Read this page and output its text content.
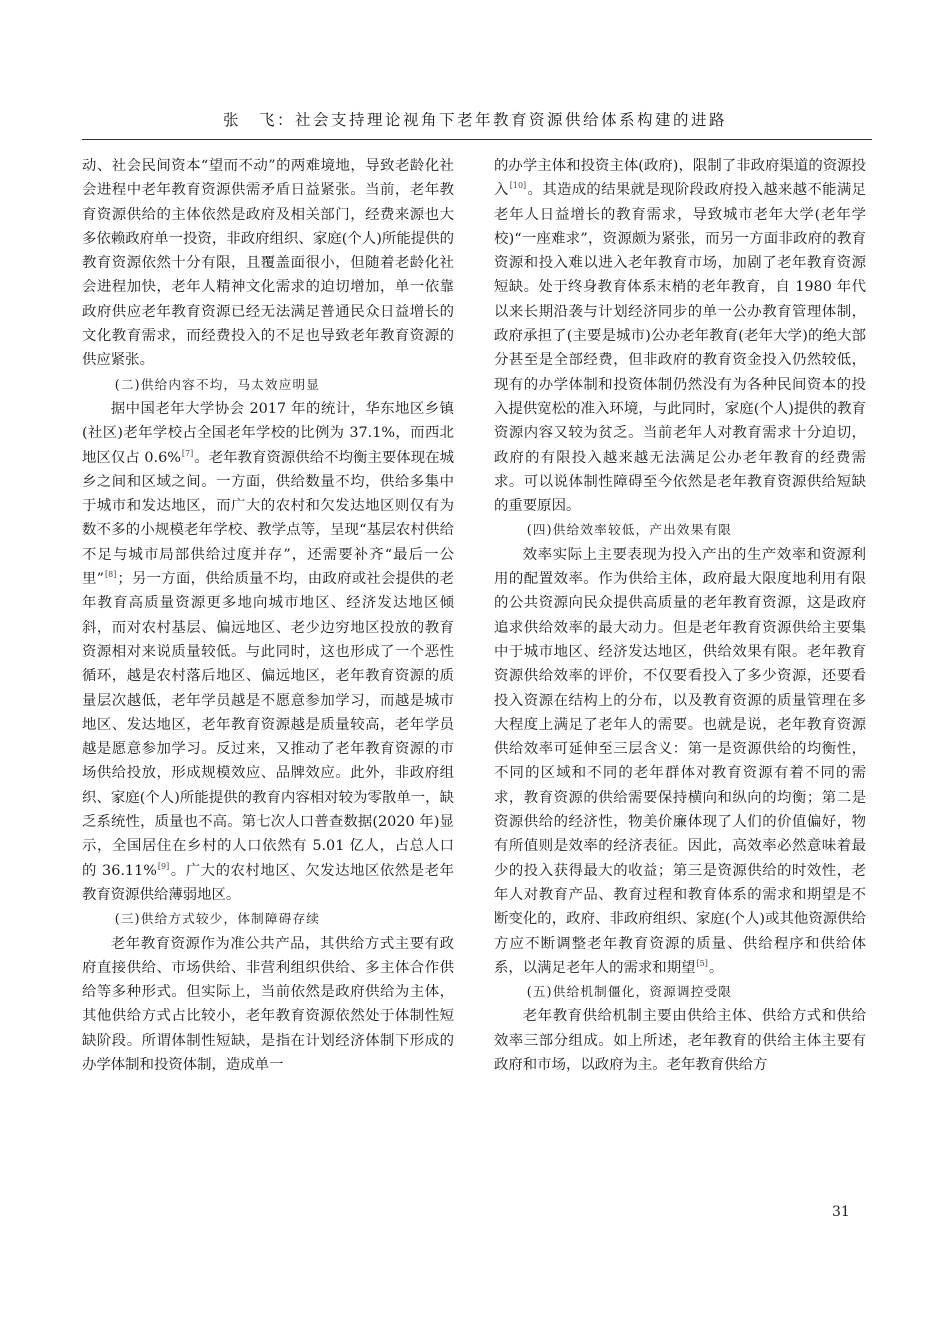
张　飞：社会支持理论视角下老年教育资源供给体系构建的进路

动、社会民间资本“望而不动”的两难境地，导致老龄化社会进程中老年教育资源供需矛盾日益紧张。当前，老年教育资源供给的主体依然是政府及相关部门，经费来源也大多依赖政府单一投资，非政府组织、家庭(个人)所能提供的教育资源依然十分有限，且覆盖面很小，但随着老龄化社会进程加快，老年人精神文化需求的迫切增加，单一依靠政府供应老年教育资源已经无法满足普通民众日益增长的文化教育需求，而经费投入的不足也导致老年教育资源的供应紧张。

(二)供给内容不均，马太效应明显

据中国老年大学协会 2017 年的统计，华东地区乡镇(社区)老年学校占全国老年学校的比例为 37.1%，而西北地区仅占 0.6%[7]。老年教育资源供给不均衡主要体现在城乡之间和区域之间。一方面，供给数量不均，供给多集中于城市和发达地区，而广大的农村和欠发达地区则仅有为数不多的小规模老年学校、教学点等，呈现“基层农村供给不足与城市局部供给过度并存”，还需要补齐“最后一公里”[8]；另一方面，供给质量不均，由政府或社会提供的老年教育高质量资源更多地向城市地区、经济发达地区倾斜，而对农村基层、偏远地区、老少边穷地区投放的教育资源相对来说质量较低。与此同时，这也形成了一个恶性循环，越是农村落后地区、偏远地区，老年教育资源的质量层次越低，老年学员越是不愿意参加学习，而越是城市地区、发达地区，老年教育资源越是质量较高，老年学员越是愿意参加学习。反过来，又推动了老年教育资源的市场供给投放，形成规模效应、品牌效应。此外，非政府组织、家庭(个人)所能提供的教育内容相对较为零散单一，缺乏系统性，质量也不高。第七次人口普查数据(2020 年)显示，全国居住在乡村的人口依然有 5.01 亿人，占总人口的 36.11%[9]。广大的农村地区、欠发达地区依然是老年教育资源供给薄弱地区。

(三)供给方式较少，体制障碍存续

老年教育资源作为准公共产品，其供给方式主要有政府直接供给、市场供给、非营利组织供给、多主体合作供给等多种形式。但实际上，当前依然是政府供给为主体，其他供给方式占比较小，老年教育资源依然处于体制性短缺阶段。所谓体制性短缺，是指在计划经济体制下形成的办学体制和投资体制，造成单一

的办学主体和投资主体(政府)，限制了非政府渠道的资源投入[10]。其造成的结果就是现阶段政府投入越来越不能满足老年人日益增长的教育需求，导致城市老年大学(老年学校)“一座难求”，资源颇为紧张，而另一方面非政府的教育资源和投入难以进入老年教育市场，加剧了老年教育资源短缺。处于终身教育体系末梢的老年教育，自 1980 年代以来长期沿袭与计划经济同步的单一公办教育管理体制，政府承担了(主要是城市)公办老年教育(老年大学)的绝大部分甚至是全部经费，但非政府的教育资金投入仍然较低，现有的办学体制和投资体制仍然没有为各种民间资本的投入提供宽松的准入环境，与此同时，家庭(个人)提供的教育资源内容又较为贫乏。当前老年人对教育需求十分迫切，政府的有限投入越来越无法满足公办老年教育的经费需求。可以说体制性障碍至今依然是老年教育资源供给短缺的重要原因。

(四)供给效率较低，产出效果有限

效率实际上主要表现为投入产出的生产效率和资源利用的配置效率。作为供给主体，政府最大限度地利用有限的公共资源向民众提供高质量的老年教育资源，这是政府追求供给效率的最大动力。但是老年教育资源供给主要集中于城市地区、经济发达地区，供给效果有限。老年教育资源供给效率的评价，不仅要看投入了多少资源，还要看投入资源在结构上的分布，以及教育资源的质量管理在多大程度上满足了老年人的需要。也就是说，老年教育资源供给效率可延伸至三层含义：第一是资源供给的均衡性，不同的区域和不同的老年群体对教育资源有着不同的需求，教育资源的供给需要保持横向和纵向的均衡；第二是资源供给的经济性，物美价廉体现了人们的价值偏好，物有所值则是效率的经济表征。因此，高效率必然意味着最少的投入获得最大的收益；第三是资源供给的时效性，老年人对教育产品、教育过程和教育体系的需求和期望是不断变化的，政府、非政府组织、家庭(个人)或其他资源供给方应不断调整老年教育资源的质量、供给程序和供给体系，以满足老年人的需求和期望[5]。

(五)供给机制僵化，资源调控受限

老年教育供给机制主要由供给主体、供给方式和供给效率三部分组成。如上所述，老年教育的供给主体主要有政府和市场，以政府为主。老年教育供给方

31
